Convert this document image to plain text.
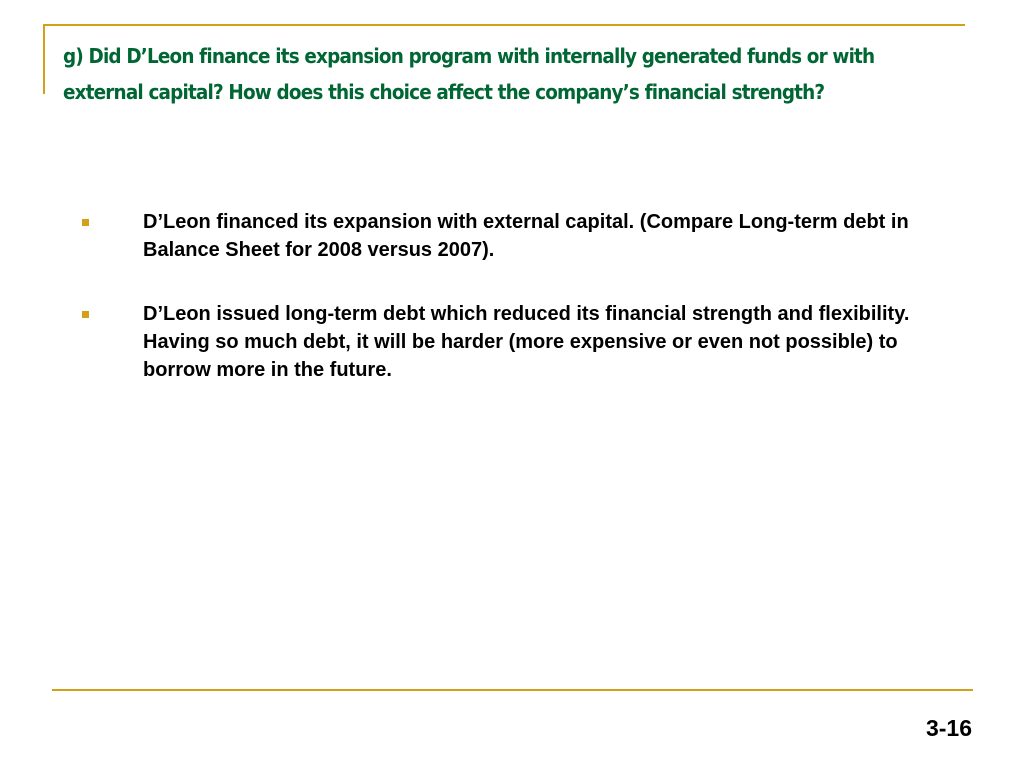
g) Did D’Leon finance its expansion program with internally generated funds or with external capital? How does this choice affect the company’s financial strength?
D’Leon financed its expansion with external capital. (Compare Long-term debt in Balance Sheet for 2008 versus 2007).
D’Leon issued long-term debt which reduced its financial strength and flexibility. Having so much debt, it will be harder (more expensive or even not possible) to borrow more in the future.
3-16
